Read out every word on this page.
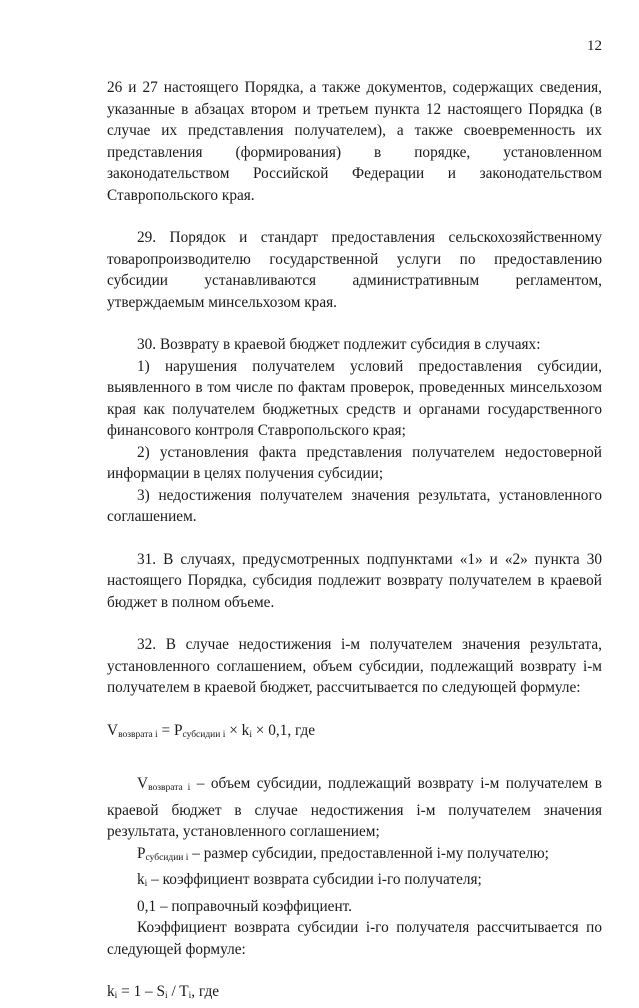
12

26 и 27 настоящего Порядка, а также документов, содержащих сведения, указанные в абзацах втором и третьем пункта 12 настоящего Порядка (в случае их представления получателем), а также своевременность их представления (формирования) в порядке, установленном законодательством Российской Федерации и законодательством Ставропольского края.

29. Порядок и стандарт предоставления сельскохозяйственному товаропроизводителю государственной услуги по предоставлению субсидии устанавливаются административным регламентом, утверждаемым минсельхозом края.

30. Возврату в краевой бюджет подлежит субсидия в случаях:

1) нарушения получателем условий предоставления субсидии, выявленного в том числе по фактам проверок, проведенных минсельхозом края как получателем бюджетных средств и органами государственного финансового контроля Ставропольского края;

2) установления факта представления получателем недостоверной информации в целях получения субсидии;

3) недостижения получателем значения результата, установленного соглашением.

31. В случаях, предусмотренных подпунктами «1» и «2» пункта 30 настоящего Порядка, субсидия подлежит возврату получателем в краевой бюджет в полном объеме.

32. В случае недостижения i-м получателем значения результата, установленного соглашением, объем субсидии, подлежащий возврату i-м получателем в краевой бюджет, рассчитывается по следующей формуле:

$V_{возврата i} = P_{субсидии i} \times k_i \times 0,1$, где

$V_{возврата i}$ – объем субсидии, подлежащий возврату i-м получателем в краевой бюджет в случае недостижения i-м получателем значения результата, установленного соглашением;

$P_{субсидии i}$ – размер субсидии, предоставленной i-му получателю;

$k_i$ – коэффициент возврата субсидии i-го получателя;

0,1 – поправочный коэффициент.

Коэффициент возврата субсидии i-го получателя рассчитывается по следующей формуле:

$k_i = 1 - S_i / T_i$, где
